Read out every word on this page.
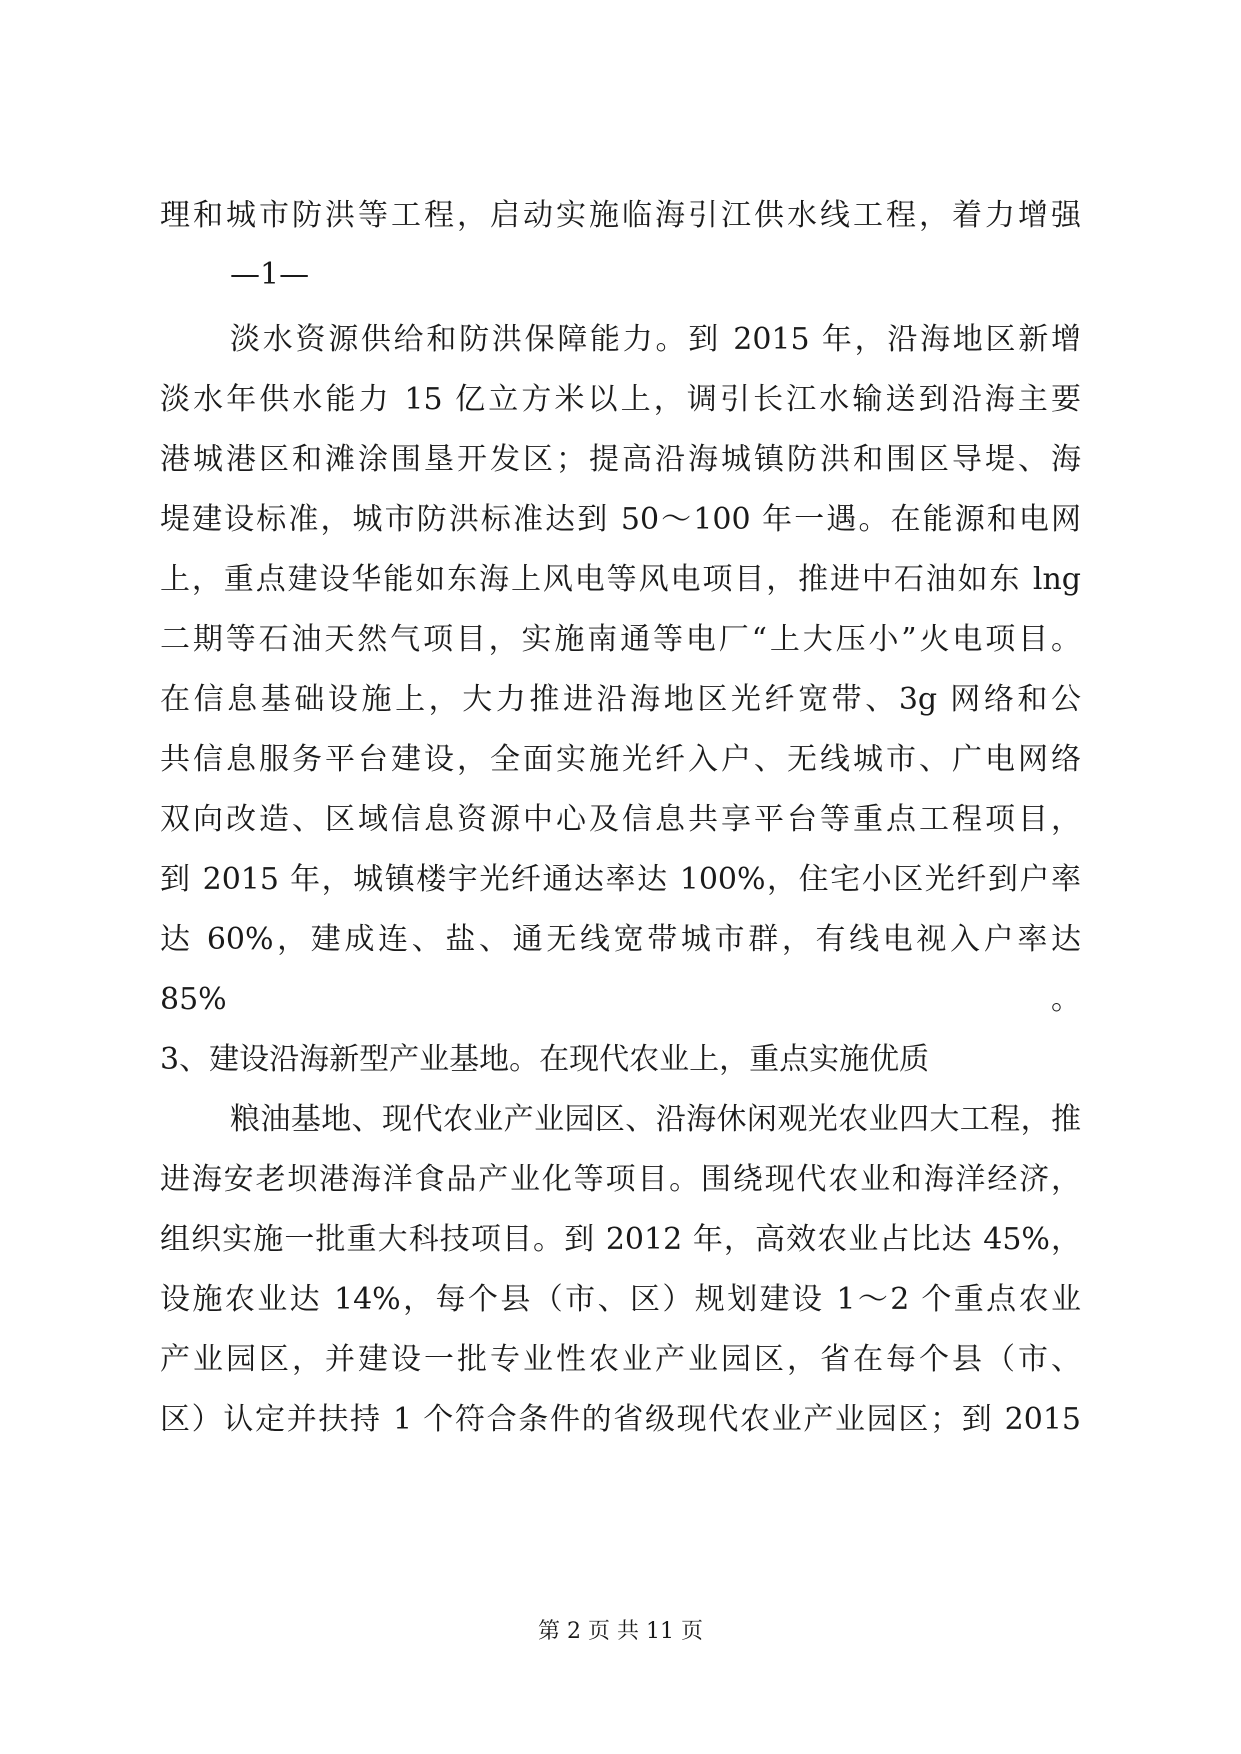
理和城市防洪等工程，启动实施临海引江供水线工程，着力增强
—1—
淡水资源供给和防洪保障能力。到 2015 年，沿海地区新增
淡水年供水能力 15 亿立方米以上，调引长江水输送到沿海主要
港城港区和滩涂围垦开发区；提高沿海城镇防洪和围区导堤、海
堤建设标准，城市防洪标准达到 50～100 年一遇。在能源和电网
上，重点建设华能如东海上风电等风电项目，推进中石油如东 lng
二期等石油天然气项目，实施南通等电厂“上大压小”火电项目。
在信息基础设施上，大力推进沿海地区光纤宽带、3g 网络和公
共信息服务平台建设，全面实施光纤入户、无线城市、广电网络
双向改造、区域信息资源中心及信息共享平台等重点工程项目，
到 2015 年，城镇楼宇光纤通达率达 100%，住宅小区光纤到户率
达 60%，建成连、盐、通无线宽带城市群，有线电视入户率达
85%。
3、建设沿海新型产业基地。在现代农业上，重点实施优质
粮油基地、现代农业产业园区、沿海休闲观光农业四大工程，推
进海安老坝港海洋食品产业化等项目。围绕现代农业和海洋经济，
组织实施一批重大科技项目。到 2012 年，高效农业占比达 45%，
设施农业达 14%，每个县（市、区）规划建设 1～2 个重点农业
产业园区，并建设一批专业性农业产业园区，省在每个县（市、
区）认定并扶持 1 个符合条件的省级现代农业产业园区；到 2015
第 2 页 共 11 页
